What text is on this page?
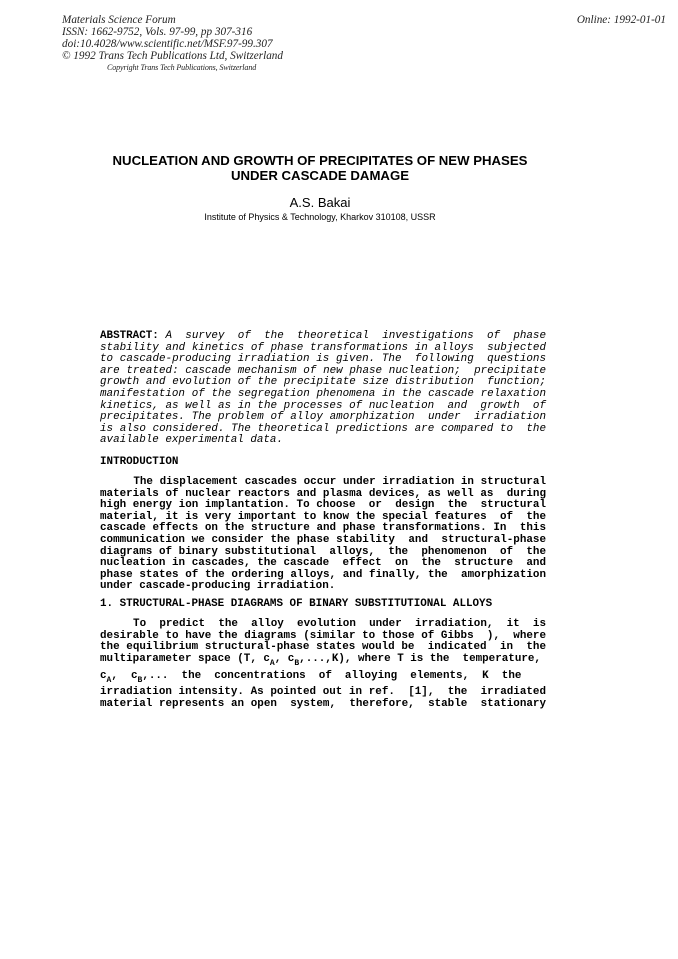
Materials Science Forum
ISSN: 1662-9752, Vols. 97-99, pp 307-316
doi:10.4028/www.scientific.net/MSF.97-99.307
© 1992 Trans Tech Publications Ltd, Switzerland
Online: 1992-01-01
Copyright Trans Tech Publications, Switzerland
NUCLEATION AND GROWTH OF PRECIPITATES OF NEW PHASES
UNDER CASCADE DAMAGE
A.S. Bakai
Institute of Physics & Technology, Kharkov 310108, USSR
ABSTRACT: A  survey  of  the  theoretical  investigations  of  phase
stability and kinetics of phase transformations in alloys  subjected
to cascade-producing irradiation is given. The  following  questions
are treated: cascade mechanism of new phase nucleation;  precipitate
growth and evolution of the precipitate size distribution  function;
manifestation of the segregation phenomena in the cascade relaxation
kinetics, as well as in the processes of nucleation  and  growth  of
precipitates. The problem of alloy amorphization  under  irradiation
is also considered. The theoretical predictions are compared to  the
available experimental data.
INTRODUCTION
The displacement cascades occur under irradiation in structural
materials of nuclear reactors and plasma devices, as well as  during
high energy ion implantation. To choose  or  design  the  structural
material, it is very important to know the special features  of  the
cascade effects on the structure and phase transformations. In  this
communication we consider the phase stability  and  structural-phase
diagrams of binary substitutional  alloys,  the  phenomenon  of  the
nucleation in cascades, the cascade  effect  on  the  structure  and
phase states of the ordering alloys, and finally, the  amorphization
under cascade-producing irradiation.
1. STRUCTURAL-PHASE DIAGRAMS OF BINARY SUBSTITUTIONAL ALLOYS
To  predict  the  alloy  evolution  under  irradiation,  it  is
desirable to have the diagrams (similar to those of Gibbs  ),  where
the equilibrium structural-phase states would be  indicated  in  the
multiparameter space (T, $c_A$, $c_B,...,K$), where T is the  temperature,
$c_A$,  $c_B$,...  the  concentrations  of  alloying  elements,  K  the
irradiation intensity. As pointed out in ref.  [1],  the  irradiated
material represents an open  system,  therefore,  stable  stationary
